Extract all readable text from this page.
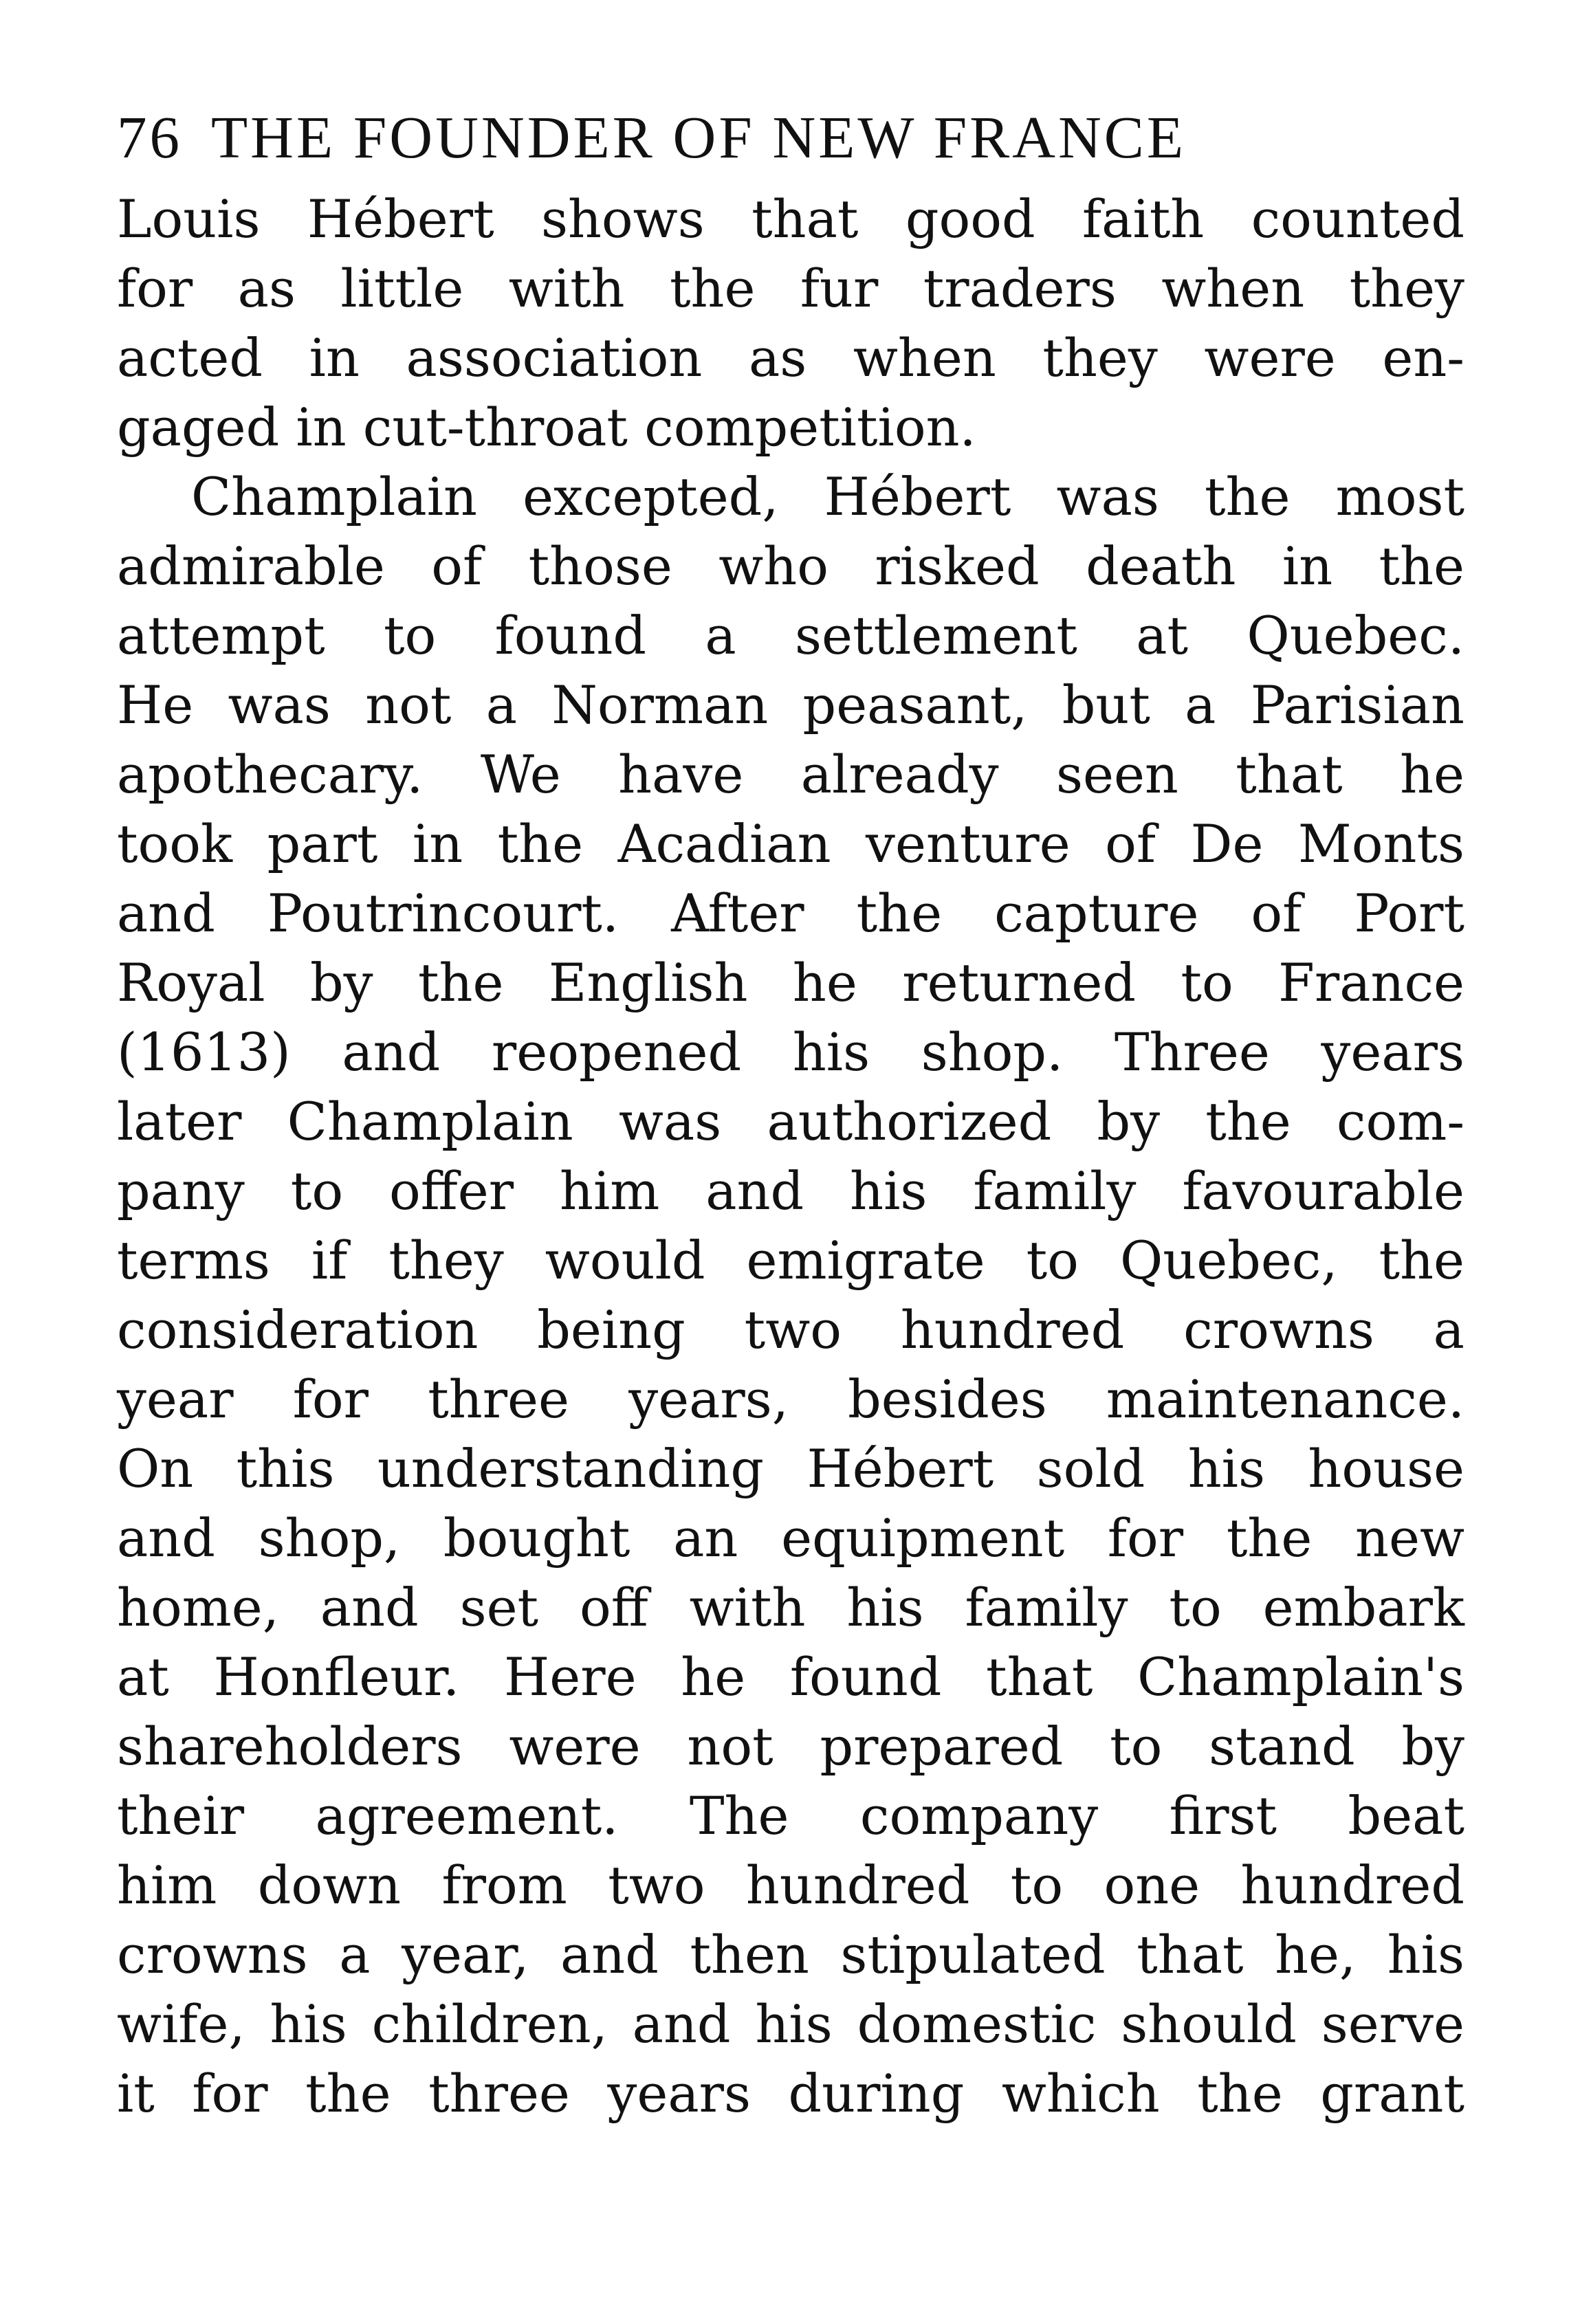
76 THE FOUNDER OF NEW FRANCE
Louis Hébert shows that good faith counted
for as little with the fur traders when they
acted in association as when they were en-
gaged in cut-throat competition.
Champlain excepted, Hébert was the most
admirable of those who risked death in the
attempt to found a settlement at Quebec.
He was not a Norman peasant, but a Parisian
apothecary. We have already seen that he
took part in the Acadian venture of De Monts
and Poutrincourt. After the capture of Port
Royal by the English he returned to France
(1613) and reopened his shop. Three years
later Champlain was authorized by the com-
pany to offer him and his family favourable
terms if they would emigrate to Quebec, the
consideration being two hundred crowns a
year for three years, besides maintenance.
On this understanding Hébert sold his house
and shop, bought an equipment for the new
home, and set off with his family to embark
at Honfleur. Here he found that Champlain's
shareholders were not prepared to stand by
their agreement. The company first beat
him down from two hundred to one hundred
crowns a year, and then stipulated that he, his
wife, his children, and his domestic should serve
it for the three years during which the grant
